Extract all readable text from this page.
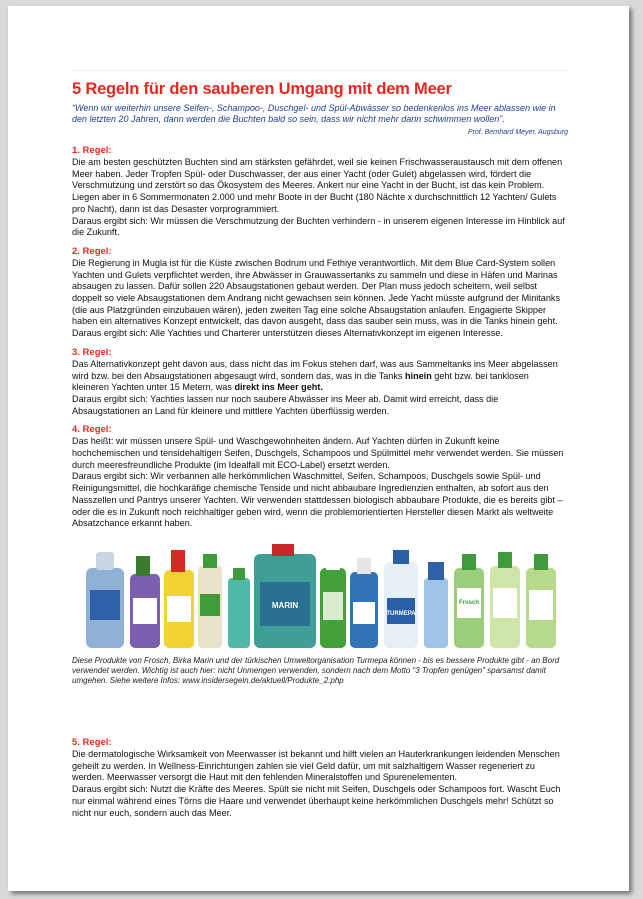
5 Regeln für den sauberen Umgang mit dem Meer
“Wenn wir weiterhin unsere Seifen-, Schampoo-, Duschgel- und Spül-Abwässer so bedenkenlos ins Meer ablassen wie in den letzten 20 Jahren, dann werden die Buchten bald so sein, dass wir nicht mehr darin schwimmen wollen”.
Prof. Bernhard Meyer, Augsburg
1. Regel:
Die am besten geschützten Buchten sind am stärksten gefährdet, weil sie keinen Frischwasseraustausch mit dem offenen Meer haben. Jeder Tropfen Spül- oder Duschwasser, der aus einer Yacht (oder Gulet) abgelassen wird, fördert die Verschmutzung und zerstört so das Ökosystem des Meeres. Ankert nur eine Yacht in der Bucht, ist das kein Problem. Liegen aber in 6 Sommermonaten 2.000 und mehr Boote in der Bucht (180 Nächte x durchschnittlich 12 Yachten/ Gulets pro Nacht), dann ist das Desaster vorprogrammiert.
Daraus ergibt sich: Wir müssen die Verschmutzung der Buchten verhindern - in unserem eigenen Interesse im Hinblick auf die Zukunft.
2. Regel:
Die Regierung in Mugla ist für die Küste zwischen Bodrum und Fethiye verantwortlich. Mit dem Blue Card-System sollen Yachten und Gulets verpflichtet werden, ihre Abwässer in Grauwassertanks zu sammeln und diese in Häfen und Marinas absaugen zu lassen. Dafür sollen 220 Absaugstationen gebaut werden. Der Plan muss jedoch scheitern, weil selbst doppelt so viele Absaugstationen dem Andrang nicht gewachsen sein können. Jede Yacht müsste aufgrund der Minitanks (die aus Platzgründen einzubauen wären), jeden zweiten Tag eine solche Absaugstation anlaufen. Engagierte Skipper haben ein alternatives Konzept entwickelt, das davon ausgeht, dass das sauber sein muss, was in die Tanks hinein geht.
Daraus ergibt sich: Alle Yachties und Charterer unterstützen dieses Alternativkonzept im eigenen Interesse.
3. Regel:
Das Alternativkonzept geht davon aus, dass nicht das im Fokus stehen darf, was aus Sammeltanks ins Meer abgelassen wird bzw. bei den Absaugstationen abgesaugt wird, sondern das, was in die Tanks hinein geht bzw. bei tanklosen kleineren Yachten unter 15 Metern, was direkt ins Meer geht.
Daraus ergibt sich: Yachties lassen nur noch saubere Abwässer ins Meer ab. Damit wird erreicht, dass die Absaugstationen an Land für kleinere und mittlere Yachten überflüssig werden.
4. Regel:
Das heißt: wir müssen unsere Spül- und Waschgewohnheiten ändern. Auf Yachten dürfen in Zukunft keine hochchemischen und tensidehaltigen Seifen, Duschgels, Schampoos und Spülmittel mehr verwendet werden. Sie müssen durch meeresfreundliche Produkte (im Idealfall mit ECO-Label) ersetzt werden.
Daraus ergibt sich: Wir verbannen alle herkömmlichen Waschmittel, Seifen, Schampoos, Duschgels sowie Spül- und Reinigungsmittel, die hochkaräfige chemische Tenside und nicht abbaubare Ingredienzien enthalten, ab sofort aus den Nasszellen und Pantrys unserer Yachten. Wir verwenden stattdessen biologisch abbaubare Produkte, die es bereits gibt – oder die es in Zukunft noch reichhaltiger geben wird, wenn die problemorientierten Hersteller diesen Markt als weltweite Absatzchance erkannt haben.
MARIN
TURMEPA
Frosch
Diese Produkte von Frosch, Birka Marin und der türkischen Umweltorganisation Turmepa können - bis es bessere Produkte gibt - an Bord verwendet werden. Wichtig ist auch hier: nicht Unmengen verwenden, sondern nach dem Motto “3 Tropfen genügen” sparsamst damit umgehen. Siehe weitere Infos: www.insidersegeln.de/aktuell/Produkte_2.php
5. Regel:
Die dermatologische Wirksamkeit von Meerwasser ist bekannt und hilft vielen an Hauterkrankungen leidenden Menschen geheilt zu werden. In Wellness-Einrichtungen zahlen sie viel Geld dafür, um mit salzhaltigem Wasser regeneriert zu werden. Meerwasser versorgt die Haut mit den fehlenden Mineralstoffen und Spurenelementen.
Daraus ergibt sich: Nutzt die Kräfte des Meeres. Spült sie nicht mit Seifen, Duschgels oder Schampoos fort. Wascht Euch nur einmal während eines Törns die Haare und verwendet überhaupt keine herkömmlichen Duschgels mehr! Schützt so nicht nur euch, sondern auch das Meer.
